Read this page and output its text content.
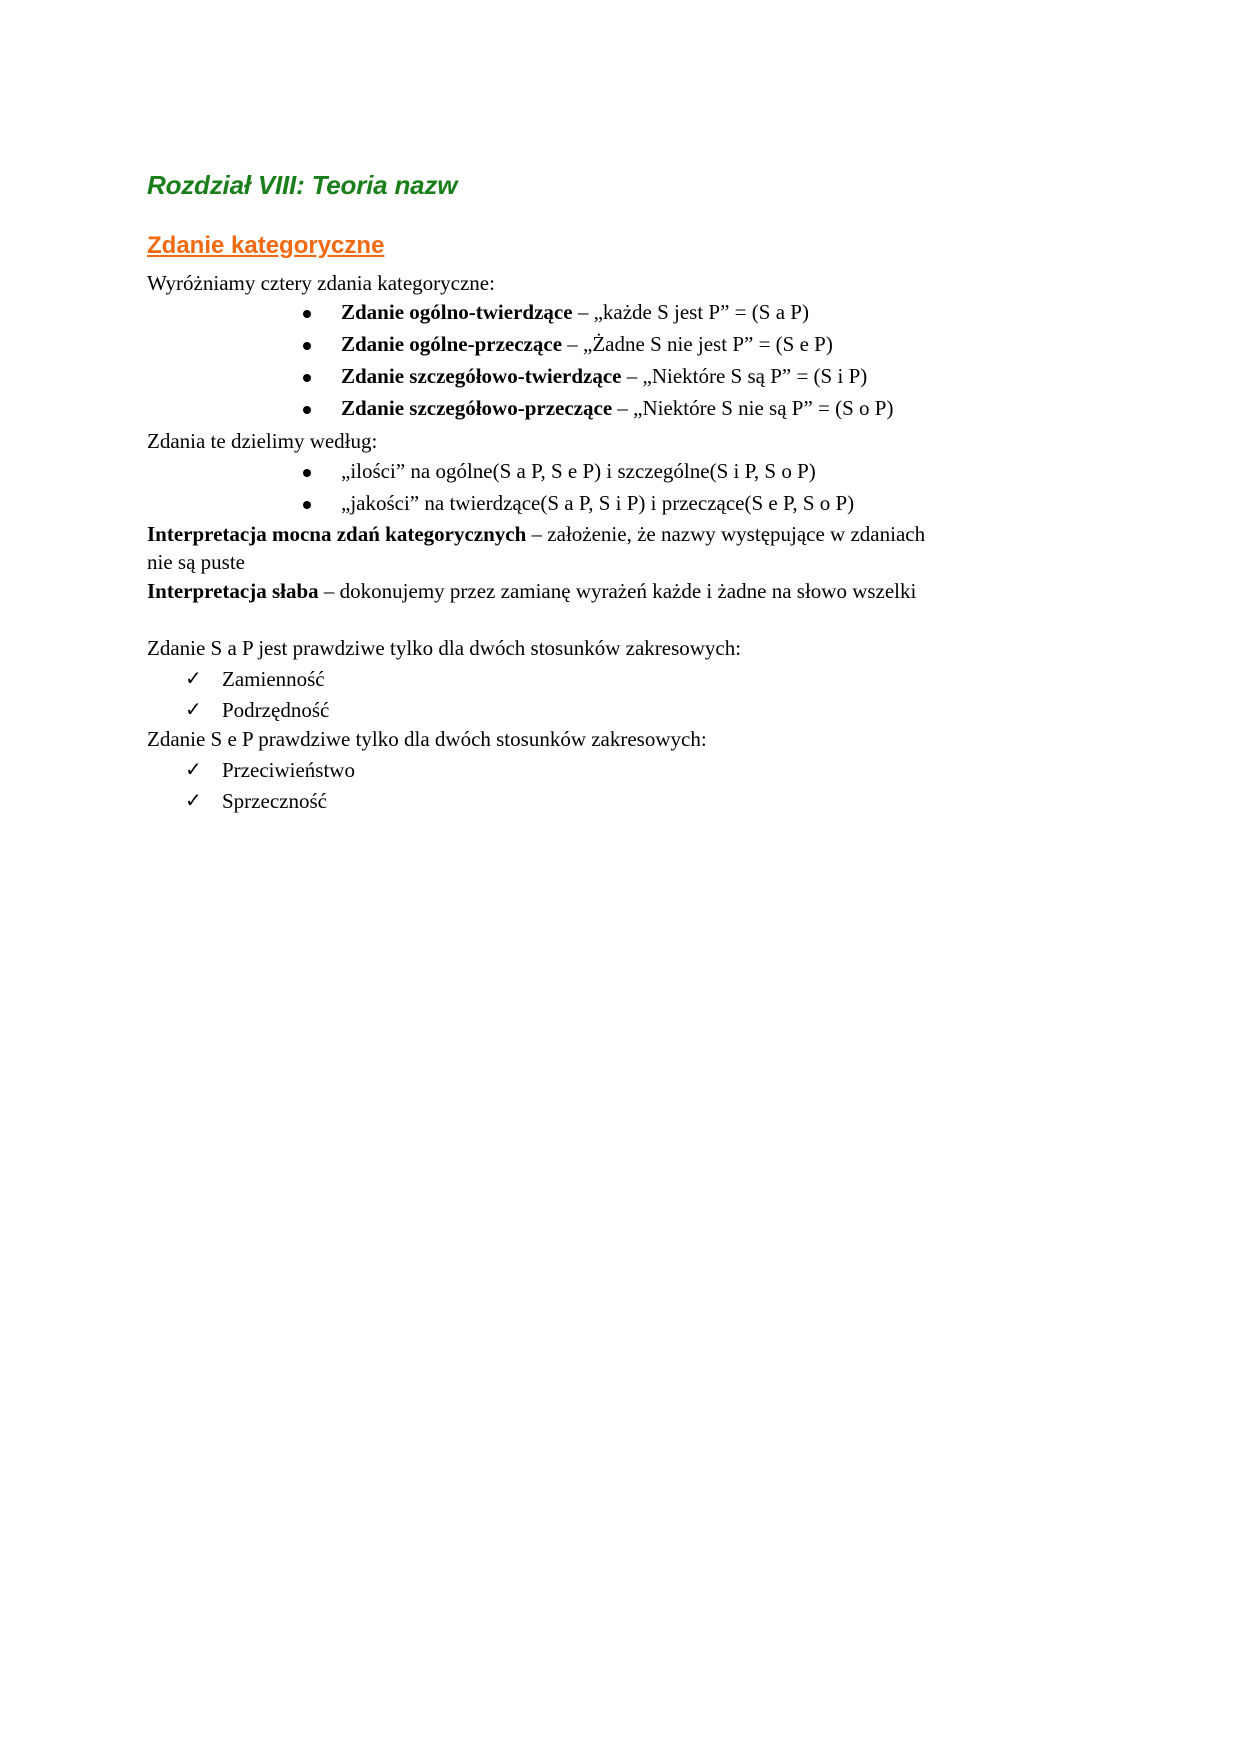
Rozdział VIII: Teoria nazw
Zdanie kategoryczne
Wyróżniamy cztery zdania kategoryczne:
Zdanie ogólno-twierdzące – „każde S jest P” = (S a P)
Zdanie ogólne-przeczące – „Żadne S nie jest P” = (S e P)
Zdanie szczegółowo-twierdzące – „Niektóre S są P” = (S i P)
Zdanie szczegółowo-przeczące – „Niektóre S nie są P” = (S o P)
Zdania te dzielimy według:
„ilości” na ogólne(S a P, S e P) i szczególne(S i P, S o P)
„jakości” na twierdzące(S a P, S i P) i przeczące(S e P, S o P)
Interpretacja mocna zdań kategorycznych – założenie, że nazwy występujące w zdaniach
nie są puste
Interpretacja słaba – dokonujemy przez zamianę wyrażeń każde i żadne na słowo wszelki
Zdanie S a P jest prawdziwe tylko dla dwóch stosunków zakresowych:
✓ Zamienność
✓ Podrzędność
Zdanie S e P prawdziwe tylko dla dwóch stosunków zakresowych:
✓ Przeciwieństwo
✓ Sprzeczność
